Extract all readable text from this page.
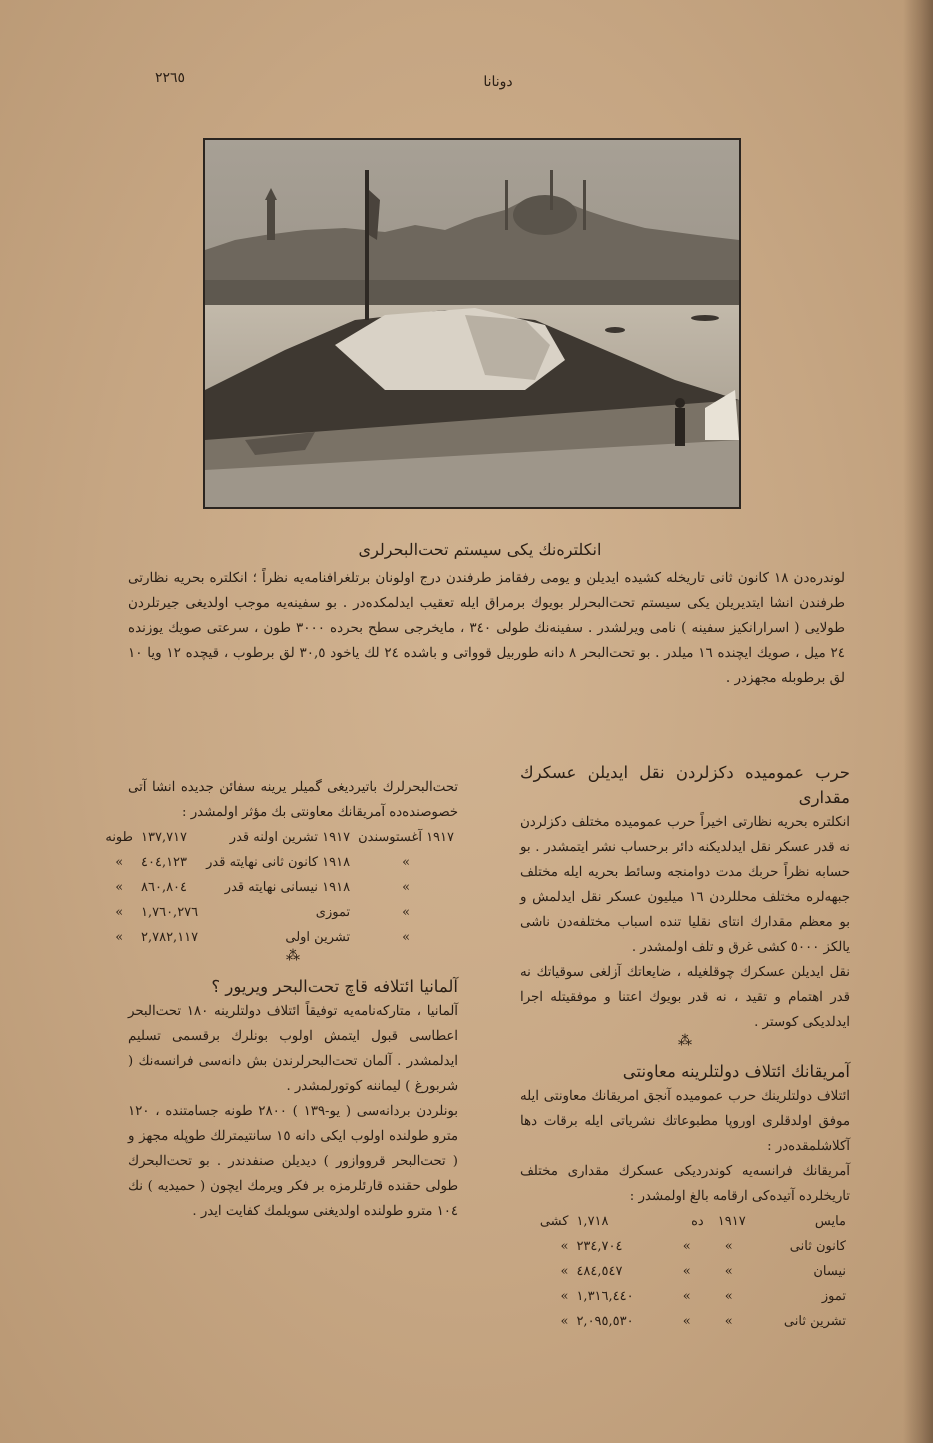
دونانا
٢٢٦٥
انكلتره‌نك يكى سيستم تحت‌البحرلرى

لوندره‌دن ١٨ كانون ثانى تاريخله كشيده ايديلن و يومى رفقامز طرفندن درج اولونان برتلغرافنامه‌يه نظراً ؛ انكلتره بحريه نظارتى طرفندن انشا ايتديريلن يكى سيستم تحت‌البحرلر بويوك برمراق ايله تعقيب ايدلمكده‌در . بو سفينه‌يه موجب اولديغى جيرتلردن طولايى ( اسرارانكيز سفينه ) نامى ويرلشدر . سفينه‌نك طولى ٣٤٠ ، مايخرجى سطح بحرده ٣٠٠٠ طون ، سرعتى صويك يوزنده ٢٤ ميل ، صويك ايچنده ١٦ ميلدر . بو تحت‌البحر ٨ دانه طوربيل قوواتى و باشده ٢٤ لك ياخود ٣٠,٥ لق برطوب ، قيچده ١٢ ويا ١٠ لق برطوبله مجهزدر .

حرب عموميده دكزلردن نقل ايديلن عسكرك مقدارى

انكلتره بحريه نظارتى اخيراً حرب عموميده مختلف دكزلردن نه قدر عسكر نقل ايدلديكنه دائر برحساب نشر ايتمشدر . بو حسابه نظراً حربك مدت دوامنجه وسائط بحريه ايله مختلف جبهه‌لره مختلف محللردن ١٦ ميليون عسكر نقل ايدلمش و بو معظم مقدارك انتاى نقليا تنده اسباب مختلفه‌دن ناشى يالكز ٥٠٠٠ كشى غرق و تلف اولمشدر .

نقل ايديلن عسكرك چوقلغيله ، ضايعاتك آزلغى سوقياتك نه قدر اهتمام و تقيد ، نه قدر بويوك اعتنا و موفقيتله اجرا ايدلديكى كوستر .

⁂

آمريقانك ائتلاف دولتلرينه معاونتى

ائتلاف دولتلرينك حرب عموميده آنجق امريقانك معاونتى ايله موفق اولدقلرى اوروپا مطبوعاتك نشرياتى ايله برقات دها آكلاشلمقده‌در :

آمريقانك فرانسه‌يه كوندرديكى عسكرك مقدارى مختلف تاريخلرده آتيده‌كى ارقامه بالغ اولمشدر :

مايس	١٩١٧	ده	١,٧١٨	كشى
كانون ثانى	»	»	٢٣٤,٧٠٤	»
نيسان	»	»	٤٨٤,٥٤٧	»
تموز	»	»	١,٣١٦,٤٤٠	»
تشرين ثانى	»	»	٢,٠٩٥,٥٣٠	»

تحت‌البحرلرك باتيرديغى گميلر يرينه سفائن جديده انشا آتى خصوصنده‌ده آمريقانك معاونتى بك مؤثر اولمشدر :

١٩١٧ آغستوسندن	١٩١٧ تشرين اولنه قدر	١٣٧,٧١٧	طونه
»	١٩١٨ كانون ثانى نهايته قدر	٤٠٤,١٢٣	»
»	١٩١٨ نيسانى نهايته قدر	٨٦٠,٨٠٤	»
»	تموزى	١,٧٦٠,٢٧٦	»
»	تشرين اولى	٢,٧٨٢,١١٧	»
⁂

آلمانيا ائتلافه قاچ تحت‌البحر ويريور ؟

آلمانيا ، متاركه‌نامه‌يه توفيقاً ائتلاف دولتلرينه ١٨٠ تحت‌البحر اعطاسى قبول ايتمش اولوب بونلرك برقسمى تسليم ايدلمشدر . آلمان تحت‌البحرلرندن بش دانه‌سى فرانسه‌نك ( شربورغ ) ليماننه كوتورلمشدر .

بونلردن بردانه‌سى ( يو-١٣٩ ) ٢٨٠٠ طونه جسامتنده ، ١٢٠ مترو طولنده اولوب ايكى دانه ١٥ سانتيمترلك طوپله مجهز و ( تحت‌البحر قرووازور ) ديديلن صنفدندر . بو تحت‌البحرك طولى حقنده قارئلرمزه بر فكر ويرمك ايچون ( حميديه ) نك ١٠٤ مترو طولنده اولديغنى سويلمك كفايت ايدر .
